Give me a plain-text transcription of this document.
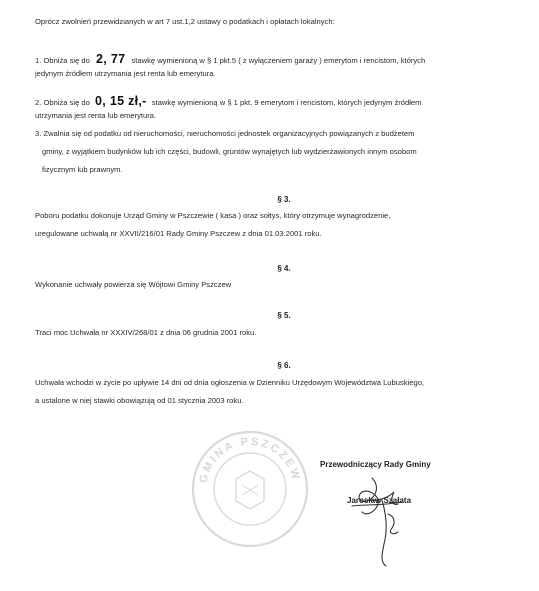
Oprócz zwolnień przewidzianych w art 7 ust.1,2 ustawy o podatkach i opłatach lokalnych:
1. Obniża się do 2, 77 stawkę wymienioną w § 1 pkt.5 ( z wyłączeniem garaży ) emerytom i rencistom, których
jedynym źródłem utrzymania jest renta lub emerytura.
2. Obniża się do 0, 15 zł,- stawkę wymienioną w § 1 pkt. 9 emerytom i rencistom, których jedynym źródłem
utrzymania jest renta lub emerytura.
3. Zwalnia się od podatku od nieruchomości, nieruchomości jednostek organizacyjnych powiązanych z budżetem
gminy, z wyjątkiem budynków lub ich części, budowli, gruntów wynajętych lub wydzierżawionych innym osobom
fizycznym lub prawnym.
§ 3.
Poboru podatku dokonuje Urząd Gminy w Pszczewie ( kasa ) oraz sołtys, który otrzymuje wynagrodzenie,
uregulowane uchwałą nr XXVII/216/01 Rady Gminy Pszczew z dnia 01.03.2001 roku.
§ 4.
Wykonanie uchwały powierza się Wójtowi Gminy Pszczew
§ 5.
Traci moc Uchwała nr XXXIV/268/01 z dnia 06 grudnia 2001 roku.
§ 6.
Uchwała wchodzi w życie po upływie 14 dni od dnia ogłoszenia w Dzienniku Urzędowym Województwa Lubuskiego,
a ustalone w niej stawki obowiązują od 01 stycznia 2003 roku.
GMINA PSZCZEW
Przewodniczący Rady Gminy
Jarosław Szałata
